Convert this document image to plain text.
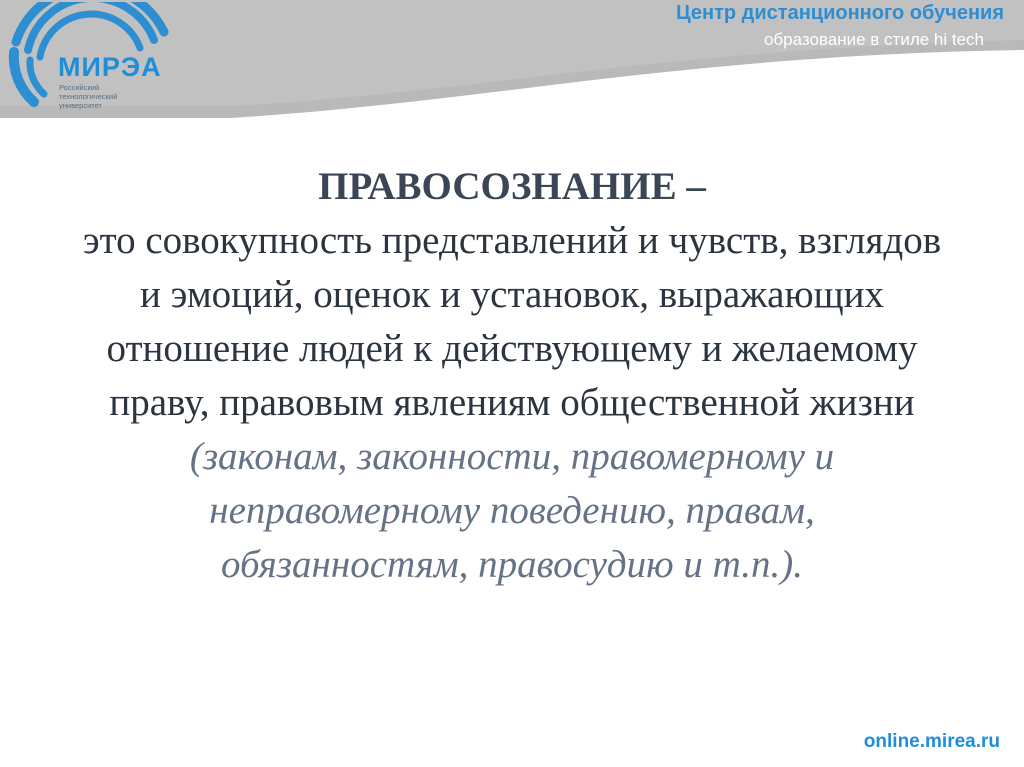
МИРЭА
Российский
технологический
университет
Центр дистанционного обучения
образование в стиле hi tech
ПРАВОСОЗНАНИЕ –
это совокупность представлений и чувств, взглядов
и эмоций, оценок и установок, выражающих
отношение людей к действующему и желаемому
праву, правовым явлениям общественной жизни
(законам, законности, правомерному и
неправомерному поведению, правам,
обязанностям, правосудию и т.п.).
online.mirea.ru
